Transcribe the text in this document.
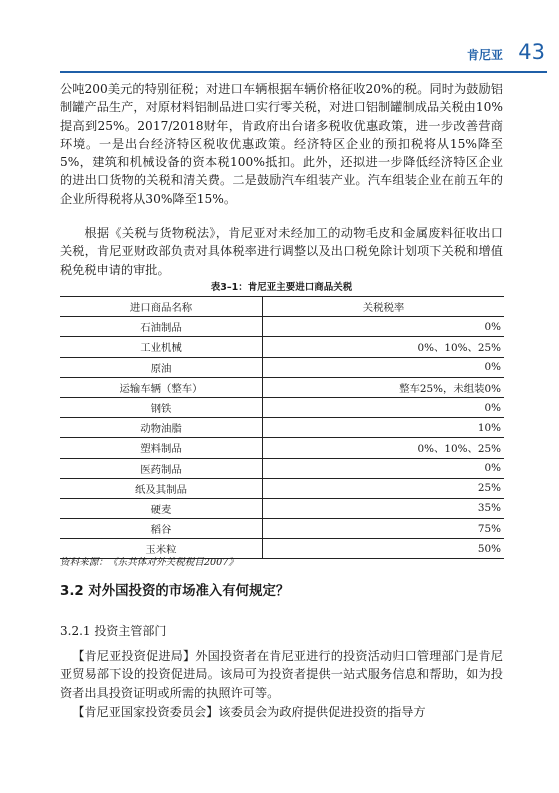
肯尼亚 43

公吨200美元的特别征税；对进口车辆根据车辆价格征收20%的税。同时为鼓励铝制罐产品生产，对原材料铝制品进口实行零关税，对进口铝制罐制成品关税由10%提高到25%。2017/2018财年，肯政府出台诸多税收优惠政策，进一步改善营商环境。一是出台经济特区税收优惠政策。经济特区企业的预扣税将从15%降至5%，建筑和机械设备的资本税100%抵扣。此外，还拟进一步降低经济特区企业的进出口货物的关税和清关费。二是鼓励汽车组装产业。汽车组装企业在前五年的企业所得税将从30%降至15%。

根据《关税与货物税法》，肯尼亚对未经加工的动物毛皮和金属废料征收出口关税，肯尼亚财政部负责对具体税率进行调整以及出口税免除计划项下关税和增值税免税申请的审批。

表3–1：肯尼亚主要进口商品关税
进口商品名称	关税税率
石油制品	0%
工业机械	0%、10%、25%
原油	0%
运输车辆（整车）	整车25%，未组装0%
钢铁	0%
动物油脂	10%
塑料制品	0%、10%、25%
医药制品	0%
纸及其制品	25%
硬麦	35%
稻谷	75%
玉米粒	50%
资料来源：《东共体对外关税税目2007》
3.2 对外国投资的市场准入有何规定？
3.2.1 投资主管部门

【肯尼亚投资促进局】外国投资者在肯尼亚进行的投资活动归口管理部门是肯尼亚贸易部下设的投资促进局。该局可为投资者提供一站式服务信息和帮助，如为投资者出具投资证明或所需的执照许可等。

【肯尼亚国家投资委员会】该委员会为政府提供促进投资的指导方
